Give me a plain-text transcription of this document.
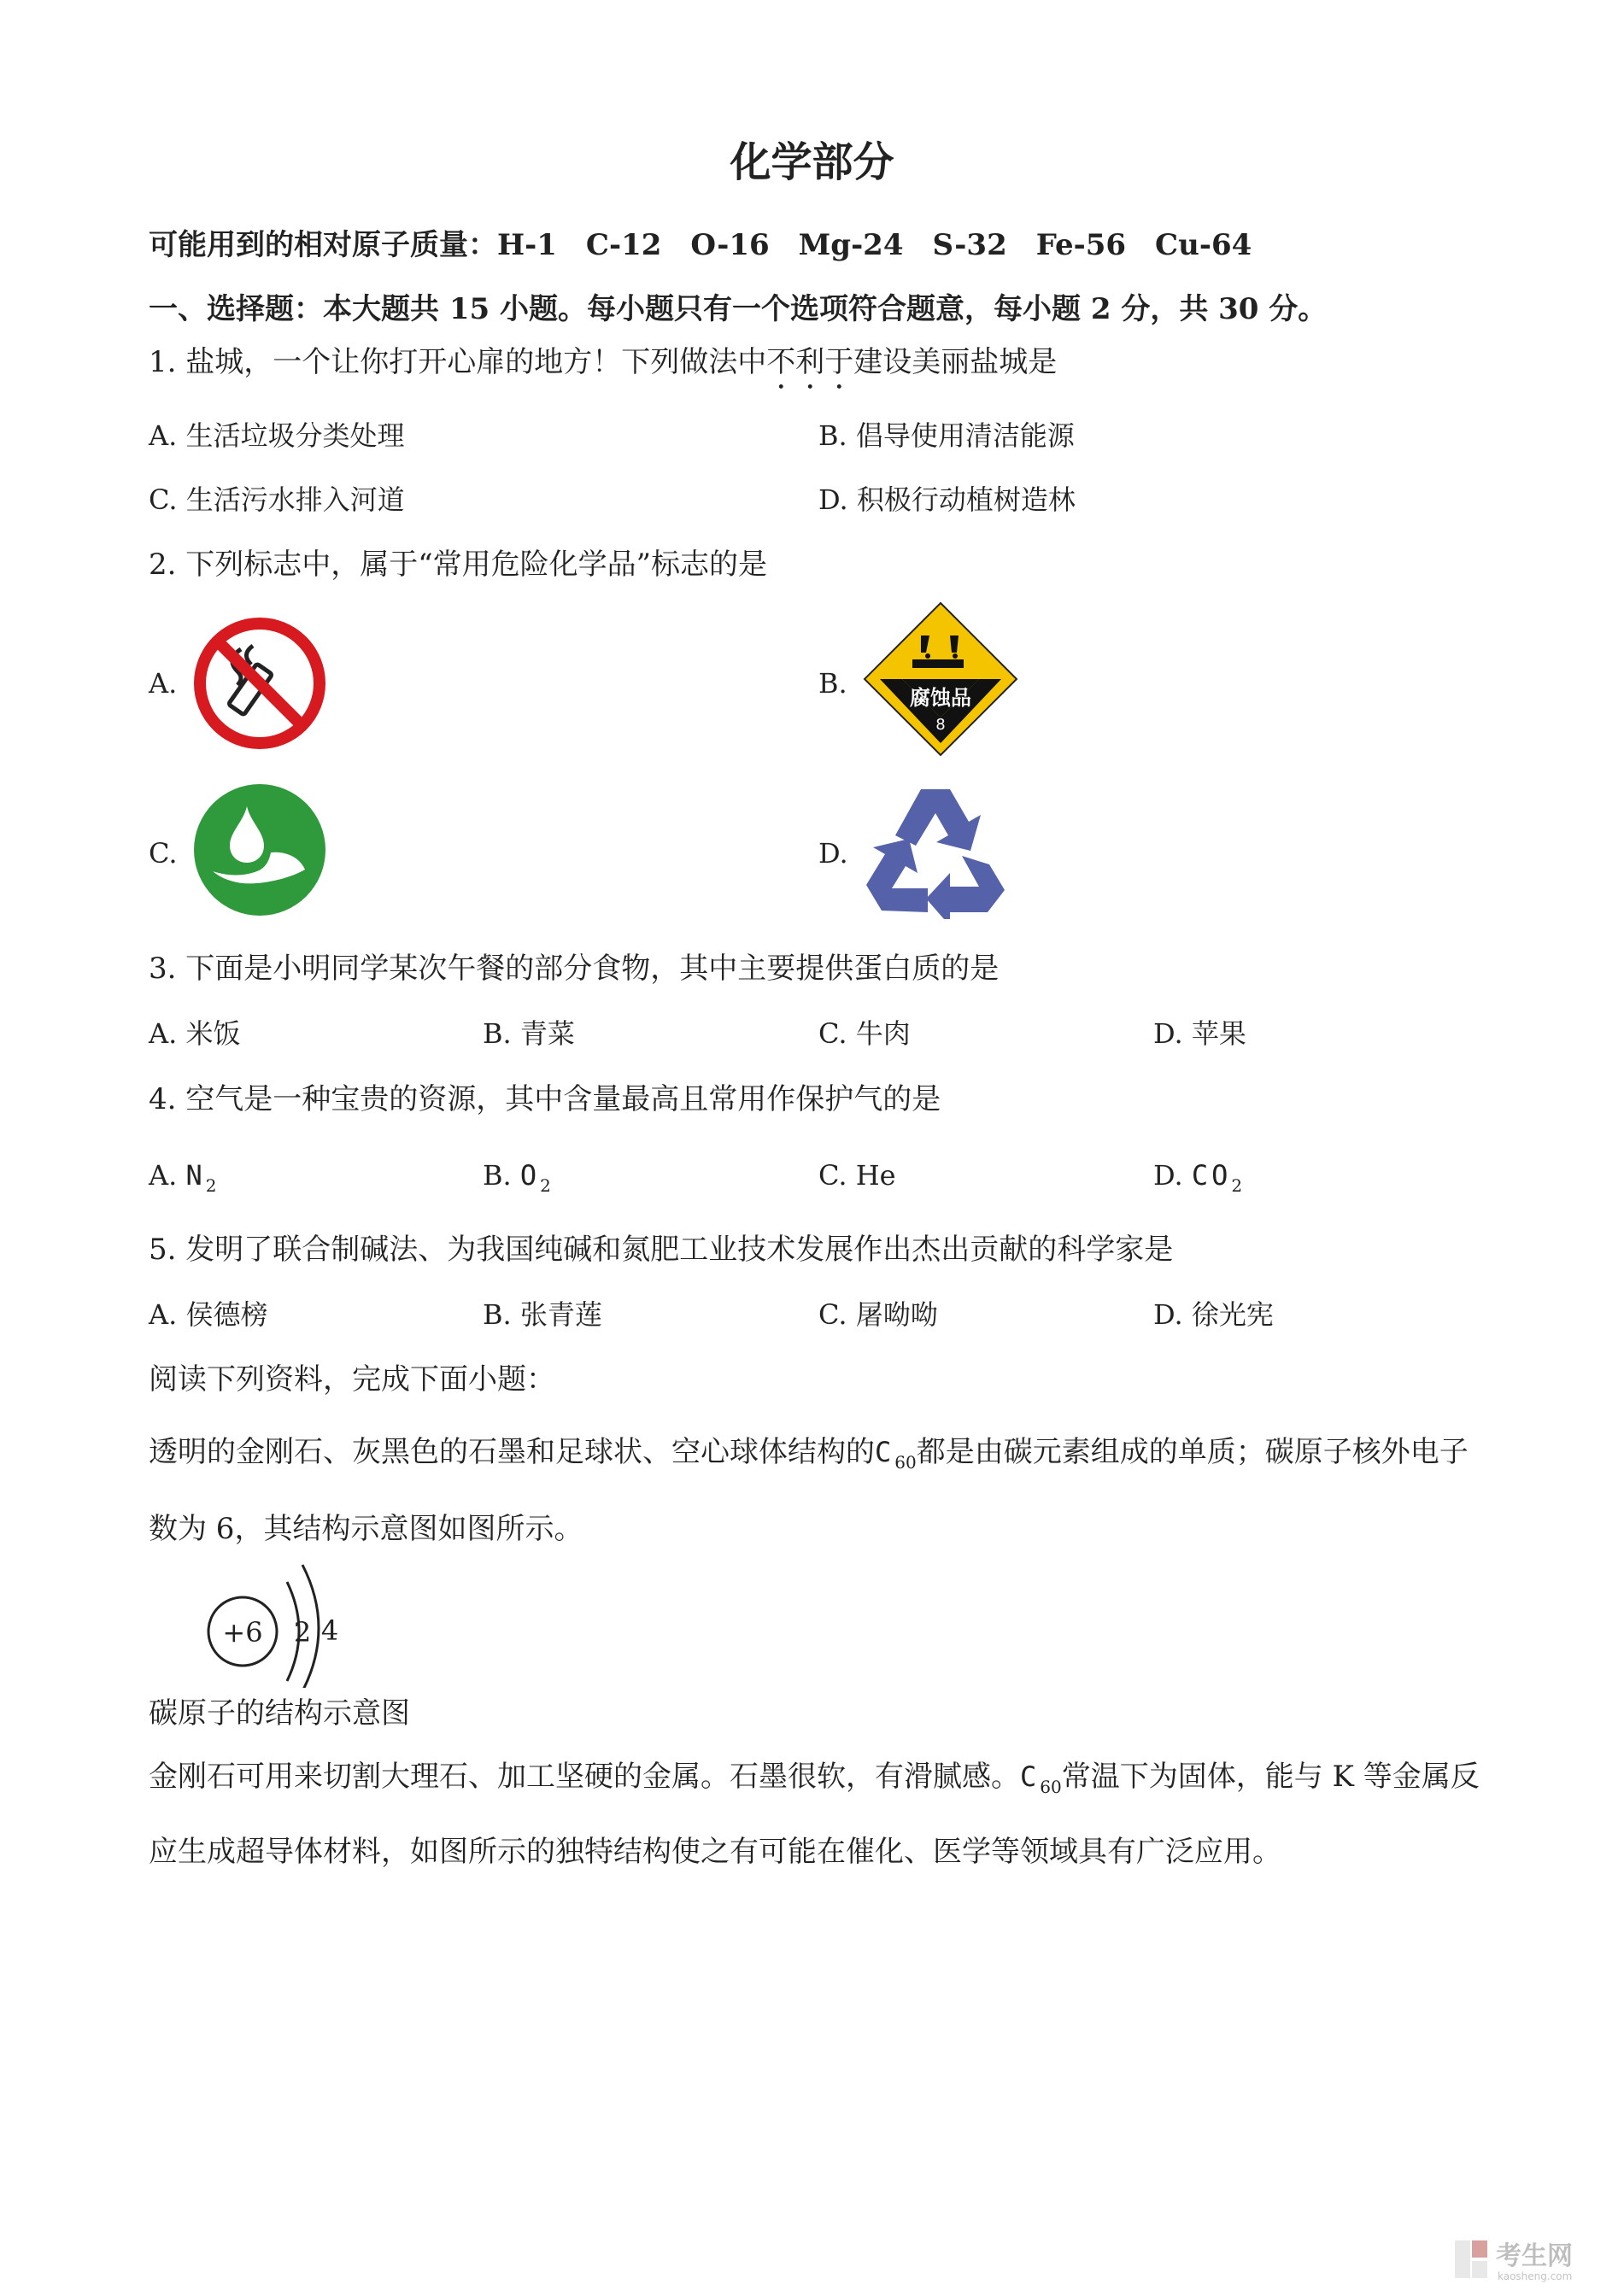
化学部分
可能用到的相对原子质量：H-1　C-12　O-16　Mg-24　S-32　Fe-56　Cu-64
一、选择题：本大题共 15 小题。每小题只有一个选项符合题意，每小题 2 分，共 30 分。
1. 盐城，一个让你打开心扉的地方！下列做法中不利于建设美丽盐城是
A. 生活垃圾分类处理	B. 倡导使用清洁能源
C. 生活污水排入河道	D. 积极行动植树造林
2. 下列标志中，属于“常用危险化学品”标志的是
A.	B.	腐蚀品
8
C.	D.
3. 下面是小明同学某次午餐的部分食物，其中主要提供蛋白质的是
A. 米饭	B. 青菜	C. 牛肉	D. 苹果
4. 空气是一种宝贵的资源，其中含量最高且常用作保护气的是
A. $N_2$	B. $O_2$	C. He	D. $CO_2$
5. 发明了联合制碱法、为我国纯碱和氮肥工业技术发展作出杰出贡献的科学家是
A. 侯德榜	B. 张青莲	C. 屠呦呦	D. 徐光宪
阅读下列资料，完成下面小题：
透明的金刚石、灰黑色的石墨和足球状、空心球体结构的$C_{60}$都是由碳元素组成的单质；碳原子核外电子
数为 6，其结构示意图如图所示。
+6 2 4
碳原子的结构示意图
金刚石可用来切割大理石、加工坚硬的金属。石墨很软，有滑腻感。$C_{60}$常温下为固体，能与 K 等金属反
应生成超导体材料，如图所示的独特结构使之有可能在催化、医学等领域具有广泛应用。
考生网
kaosheng.com
